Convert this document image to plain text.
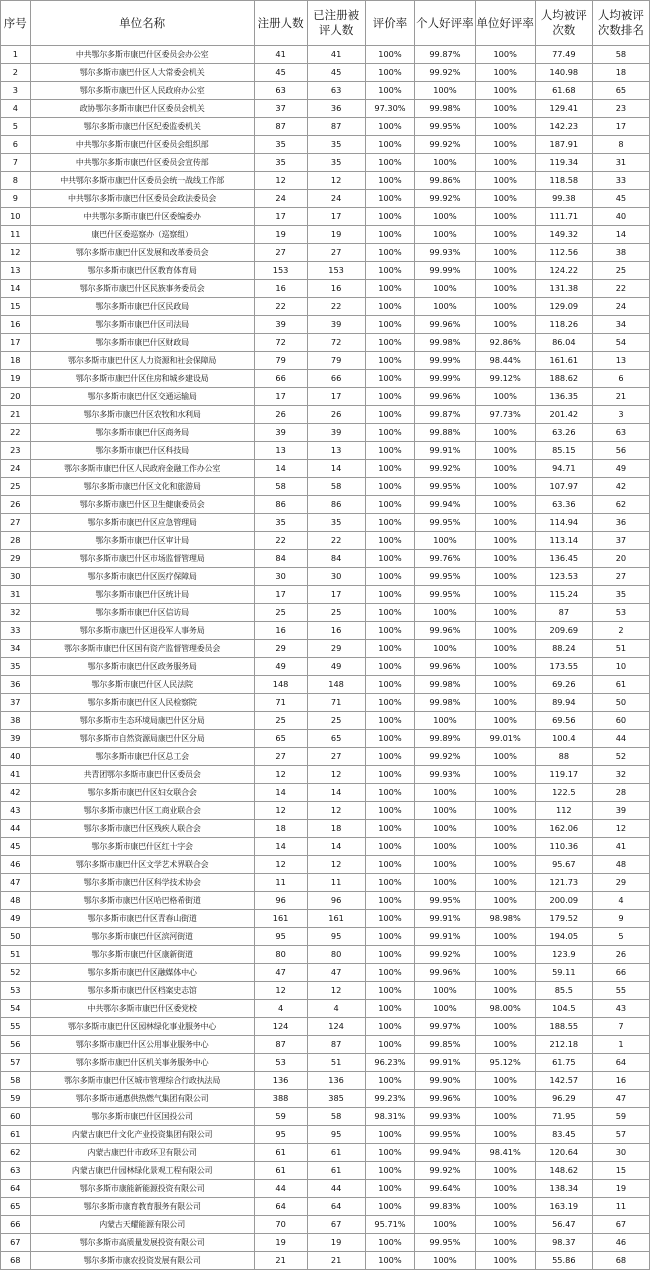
序号	单位名称	注册人数	已注册被评人数	评价率	个人好评率	单位好评率	人均被评次数	人均被评次数排名
1	中共鄂尔多斯市康巴什区委员会办公室	41	41	100%	99.87%	100%	77.49	58
2	鄂尔多斯市康巴什区人大常委会机关	45	45	100%	99.92%	100%	140.98	18
3	鄂尔多斯市康巴什区人民政府办公室	63	63	100%	100%	100%	61.68	65
4	政协鄂尔多斯市康巴什区委员会机关	37	36	97.30%	99.98%	100%	129.41	23
5	鄂尔多斯市康巴什区纪委监委机关	87	87	100%	99.95%	100%	142.23	17
6	中共鄂尔多斯市康巴什区委员会组织部	35	35	100%	99.92%	100%	187.91	8
7	中共鄂尔多斯市康巴什区委员会宣传部	35	35	100%	100%	100%	119.34	31
8	中共鄂尔多斯市康巴什区委员会统一战线工作部	12	12	100%	99.86%	100%	118.58	33
9	中共鄂尔多斯市康巴什区委员会政法委员会	24	24	100%	99.92%	100%	99.38	45
10	中共鄂尔多斯市康巴什区委编委办	17	17	100%	100%	100%	111.71	40
11	康巴什区委巡察办（巡察组）	19	19	100%	100%	100%	149.32	14
12	鄂尔多斯市康巴什区发展和改革委员会	27	27	100%	99.93%	100%	112.56	38
13	鄂尔多斯市康巴什区教育体育局	153	153	100%	99.99%	100%	124.22	25
14	鄂尔多斯市康巴什区民族事务委员会	16	16	100%	100%	100%	131.38	22
15	鄂尔多斯市康巴什区民政局	22	22	100%	100%	100%	129.09	24
16	鄂尔多斯市康巴什区司法局	39	39	100%	99.96%	100%	118.26	34
17	鄂尔多斯市康巴什区财政局	72	72	100%	99.98%	92.86%	86.04	54
18	鄂尔多斯市康巴什区人力资源和社会保障局	79	79	100%	99.99%	98.44%	161.61	13
19	鄂尔多斯市康巴什区住房和城乡建设局	66	66	100%	99.99%	99.12%	188.62	6
20	鄂尔多斯市康巴什区交通运输局	17	17	100%	99.96%	100%	136.35	21
21	鄂尔多斯市康巴什区农牧和水利局	26	26	100%	99.87%	97.73%	201.42	3
22	鄂尔多斯市康巴什区商务局	39	39	100%	99.88%	100%	63.26	63
23	鄂尔多斯市康巴什区科技局	13	13	100%	99.91%	100%	85.15	56
24	鄂尔多斯市康巴什区人民政府金融工作办公室	14	14	100%	99.92%	100%	94.71	49
25	鄂尔多斯市康巴什区文化和旅游局	58	58	100%	99.95%	100%	107.97	42
26	鄂尔多斯市康巴什区卫生健康委员会	86	86	100%	99.94%	100%	63.36	62
27	鄂尔多斯市康巴什区应急管理局	35	35	100%	99.95%	100%	114.94	36
28	鄂尔多斯市康巴什区审计局	22	22	100%	100%	100%	113.14	37
29	鄂尔多斯市康巴什区市场监督管理局	84	84	100%	99.76%	100%	136.45	20
30	鄂尔多斯市康巴什区医疗保障局	30	30	100%	99.95%	100%	123.53	27
31	鄂尔多斯市康巴什区统计局	17	17	100%	99.95%	100%	115.24	35
32	鄂尔多斯市康巴什区信访局	25	25	100%	100%	100%	87	53
33	鄂尔多斯市康巴什区退役军人事务局	16	16	100%	99.96%	100%	209.69	2
34	鄂尔多斯市康巴什区国有资产监督管理委员会	29	29	100%	100%	100%	88.24	51
35	鄂尔多斯市康巴什区政务服务局	49	49	100%	99.96%	100%	173.55	10
36	鄂尔多斯市康巴什区人民法院	148	148	100%	99.98%	100%	69.26	61
37	鄂尔多斯市康巴什区人民检察院	71	71	100%	99.98%	100%	89.94	50
38	鄂尔多斯市生态环境局康巴什区分局	25	25	100%	100%	100%	69.56	60
39	鄂尔多斯市自然资源局康巴什区分局	65	65	100%	99.89%	99.01%	100.4	44
40	鄂尔多斯市康巴什区总工会	27	27	100%	99.92%	100%	88	52
41	共青团鄂尔多斯市康巴什区委员会	12	12	100%	99.93%	100%	119.17	32
42	鄂尔多斯市康巴什区妇女联合会	14	14	100%	100%	100%	122.5	28
43	鄂尔多斯市康巴什区工商业联合会	12	12	100%	100%	100%	112	39
44	鄂尔多斯市康巴什区残疾人联合会	18	18	100%	100%	100%	162.06	12
45	鄂尔多斯市康巴什区红十字会	14	14	100%	100%	100%	110.36	41
46	鄂尔多斯市康巴什区文学艺术界联合会	12	12	100%	100%	100%	95.67	48
47	鄂尔多斯市康巴什区科学技术协会	11	11	100%	100%	100%	121.73	29
48	鄂尔多斯市康巴什区哈巴格希街道	96	96	100%	99.95%	100%	200.09	4
49	鄂尔多斯市康巴什区青春山街道	161	161	100%	99.91%	98.98%	179.52	9
50	鄂尔多斯市康巴什区滨河街道	95	95	100%	99.91%	100%	194.05	5
51	鄂尔多斯市康巴什区康新街道	80	80	100%	99.92%	100%	123.9	26
52	鄂尔多斯市康巴什区融媒体中心	47	47	100%	99.96%	100%	59.11	66
53	鄂尔多斯市康巴什区档案史志馆	12	12	100%	100%	100%	85.5	55
54	中共鄂尔多斯市康巴什区委党校	4	4	100%	100%	98.00%	104.5	43
55	鄂尔多斯市康巴什区园林绿化事业服务中心	124	124	100%	99.97%	100%	188.55	7
56	鄂尔多斯市康巴什区公用事业服务中心	87	87	100%	99.85%	100%	212.18	1
57	鄂尔多斯市康巴什区机关事务服务中心	53	51	96.23%	99.91%	95.12%	61.75	64
58	鄂尔多斯市康巴什区城市管理综合行政执法局	136	136	100%	99.90%	100%	142.57	16
59	鄂尔多斯市通惠供热燃气集团有限公司	388	385	99.23%	99.96%	100%	96.29	47
60	鄂尔多斯市康巴什区国投公司	59	58	98.31%	99.93%	100%	71.95	59
61	内蒙古康巴什文化产业投资集团有限公司	95	95	100%	99.95%	100%	83.45	57
62	内蒙古康巴什市政环卫有限公司	61	61	100%	99.94%	98.41%	120.64	30
63	内蒙古康巴什园林绿化景观工程有限公司	61	61	100%	99.92%	100%	148.62	15
64	鄂尔多斯市康能新能源投资有限公司	44	44	100%	99.64%	100%	138.34	19
65	鄂尔多斯市康育教育服务有限公司	64	64	100%	99.83%	100%	163.19	11
66	内蒙古天耀能源有限公司	70	67	95.71%	100%	100%	56.47	67
67	鄂尔多斯市高质量发展投资有限公司	19	19	100%	99.95%	100%	98.37	46
68	鄂尔多斯市康农投资发展有限公司	21	21	100%	100%	100%	55.86	68
